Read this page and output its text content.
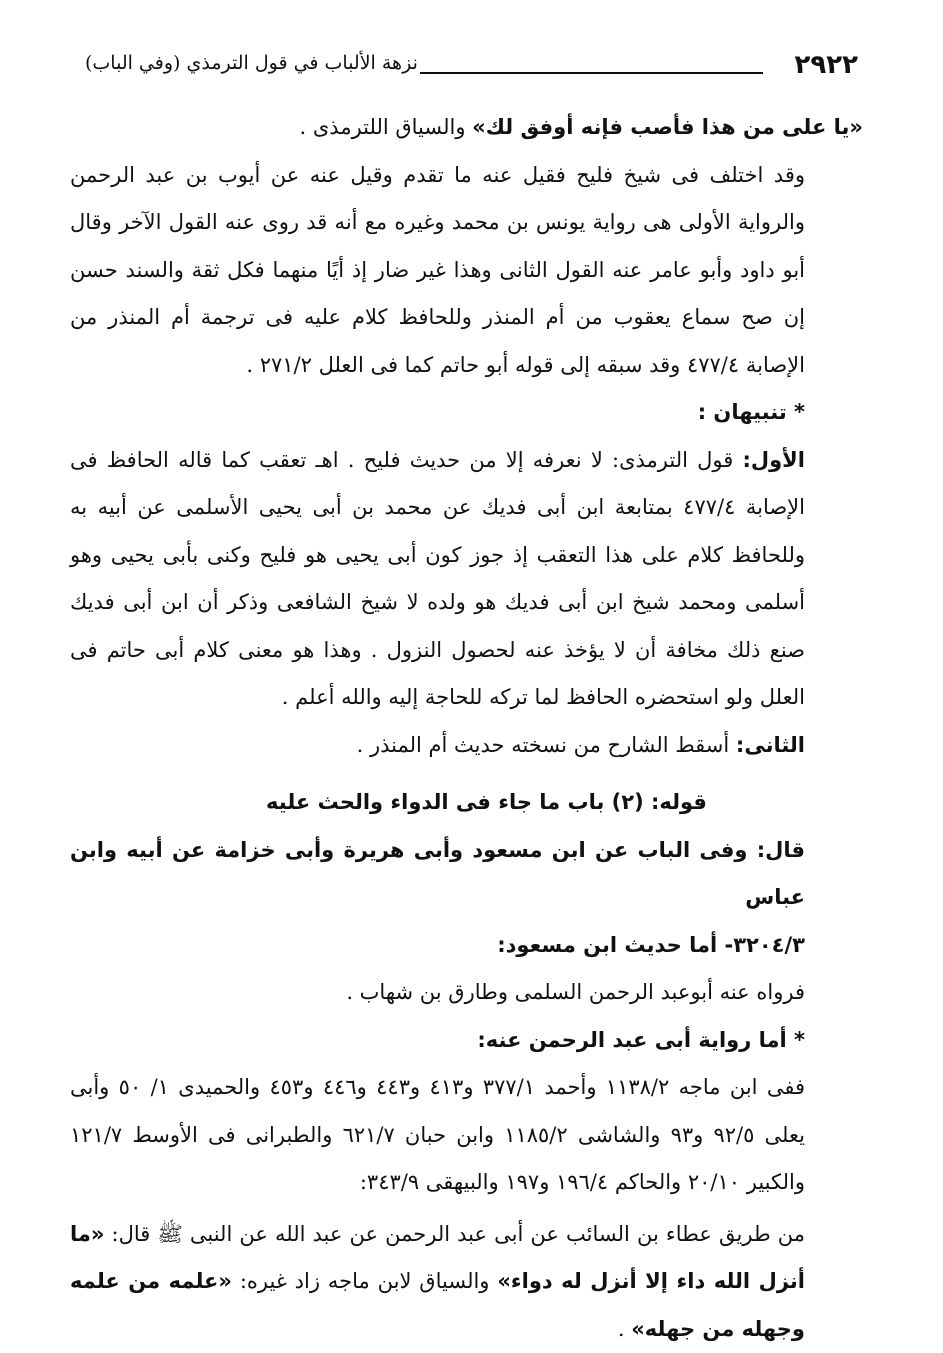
٢٩٢٢
نزهة الألباب في قول الترمذي (وفي الباب)

«يا على من هذا فأصب فإنه أوفق لك» والسياق اللترمذى .

وقد اختلف فى شيخ فليح فقيل عنه ما تقدم وقيل عنه عن أيوب بن عبد الرحمن والرواية الأولى هى رواية يونس بن محمد وغيره مع أنه قد روى عنه القول الآخر وقال أبو داود وأبو عامر عنه القول الثانى وهذا غير ضار إذ أيًا منهما فكل ثقة والسند حسن إن صح سماع يعقوب من أم المنذر وللحافظ كلام عليه فى ترجمة أم المنذر من الإصابة ٤٧٧/٤ وقد سبقه إلى قوله أبو حاتم كما فى العلل ٢٧١/٢ .

* تنبيهان :

الأول: قول الترمذى: لا نعرفه إلا من حديث فليح . اهـ تعقب كما قاله الحافظ فى الإصابة ٤٧٧/٤ بمتابعة ابن أبى فديك عن محمد بن أبى يحيى الأسلمى عن أبيه به وللحافظ كلام على هذا التعقب إذ جوز كون أبى يحيى هو فليح وكنى بأبى يحيى وهو أسلمى ومحمد شيخ ابن أبى فديك هو ولده لا شيخ الشافعى وذكر أن ابن أبى فديك صنع ذلك مخافة أن لا يؤخذ عنه لحصول النزول . وهذا هو معنى كلام أبى حاتم فى العلل ولو استحضره الحافظ لما تركه للحاجة إليه والله أعلم .

الثانى: أسقط الشارح من نسخته حديث أم المنذر .

قوله: (٢) باب ما جاء فى الدواء والحث عليه

قال: وفى الباب عن ابن مسعود وأبى هريرة وأبى خزامة عن أبيه وابن عباس

٣٢٠٤/٣- أما حديث ابن مسعود:

فرواه عنه أبوعبد الرحمن السلمى وطارق بن شهاب .

* أما رواية أبى عبد الرحمن عنه:

ففى ابن ماجه ١١٣٨/٢ وأحمد ٣٧٧/١ و٤١٣ و٤٤٣ و٤٤٦ و٤٥٣ والحميدى ١/ ٥٠ وأبى يعلى ٩٢/٥ و٩٣ والشاشى ١١٨٥/٢ وابن حبان ٦٢١/٧ والطبرانى فى الأوسط ١٢١/٧ والكبير ٢٠/١٠ والحاكم ١٩٦/٤ و١٩٧ والبيهقى ٣٤٣/٩:

من طريق عطاء بن السائب عن أبى عبد الرحمن عن عبد الله عن النبى ﷺ قال: «ما أنزل الله داء إلا أنزل له دواء» والسياق لابن ماجه زاد غيره: «علمه من علمه وجهله من جهله» .
